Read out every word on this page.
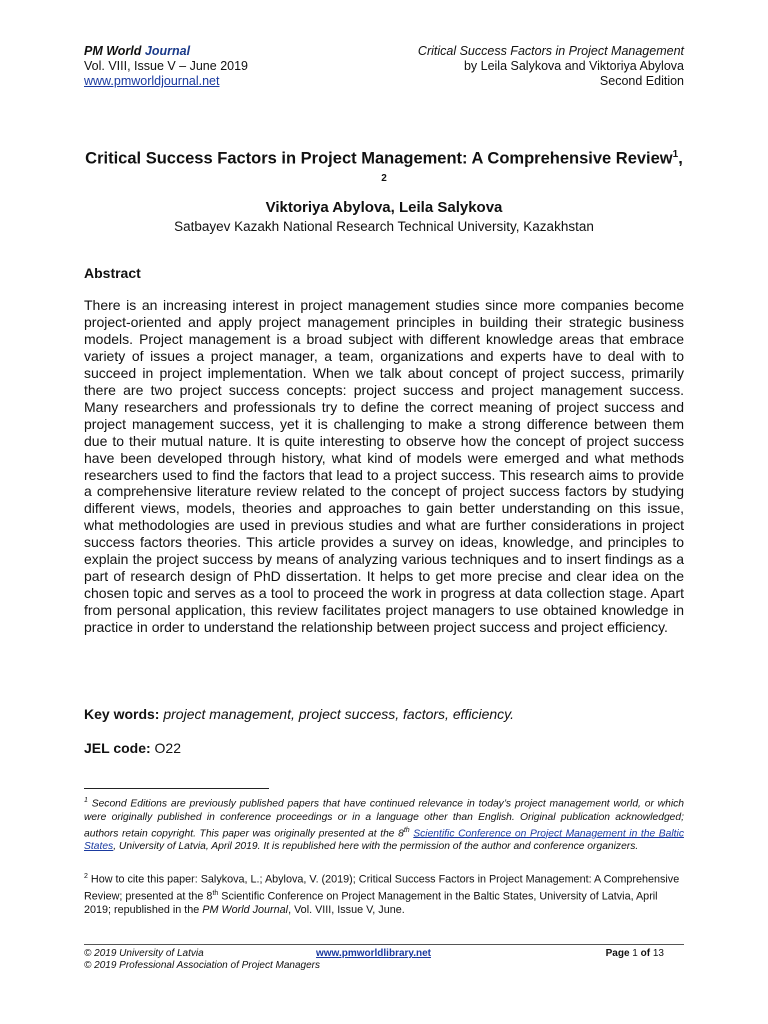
PM World Journal
Vol. VIII, Issue V – June 2019
www.pmworldjournal.net
Critical Success Factors in Project Management
by Leila Salykova and Viktoriya Abylova
Second Edition
Critical Success Factors in Project Management: A Comprehensive Review$^1$, $^2$
Viktoriya Abylova, Leila Salykova
Satbayev Kazakh National Research Technical University, Kazakhstan
Abstract
There is an increasing interest in project management studies since more companies become project-oriented and apply project management principles in building their strategic business models. Project management is a broad subject with different knowledge areas that embrace variety of issues a project manager, a team, organizations and experts have to deal with to succeed in project implementation. When we talk about concept of project success, primarily there are two project success concepts: project success and project management success. Many researchers and professionals try to define the correct meaning of project success and project management success, yet it is challenging to make a strong difference between them due to their mutual nature. It is quite interesting to observe how the concept of project success have been developed through history, what kind of models were emerged and what methods researchers used to find the factors that lead to a project success. This research aims to provide a comprehensive literature review related to the concept of project success factors by studying different views, models, theories and approaches to gain better understanding on this issue, what methodologies are used in previous studies and what are further considerations in project success factors theories. This article provides a survey on ideas, knowledge, and principles to explain the project success by means of analyzing various techniques and to insert findings as a part of research design of PhD dissertation. It helps to get more precise and clear idea on the chosen topic and serves as a tool to proceed the work in progress at data collection stage. Apart from personal application, this review facilitates project managers to use obtained knowledge in practice in order to understand the relationship between project success and project efficiency.
Key words: project management, project success, factors, efficiency.
JEL code: O22
$^1$ Second Editions are previously published papers that have continued relevance in today’s project management world, or which were originally published in conference proceedings or in a language other than English. Original publication acknowledged; authors retain copyright. This paper was originally presented at the 8th Scientific Conference on Project Management in the Baltic States, University of Latvia, April 2019. It is republished here with the permission of the author and conference organizers.
$^2$ How to cite this paper: Salykova, L.; Abylova, V. (2019); Critical Success Factors in Project Management: A Comprehensive Review; presented at the 8th Scientific Conference on Project Management in the Baltic States, University of Latvia, April 2019; republished in the PM World Journal, Vol. VIII, Issue V, June.
© 2019 University of Latvia
© 2019 Professional Association of Project Managers
www.pmworldlibrary.net	Page 1 of 13
